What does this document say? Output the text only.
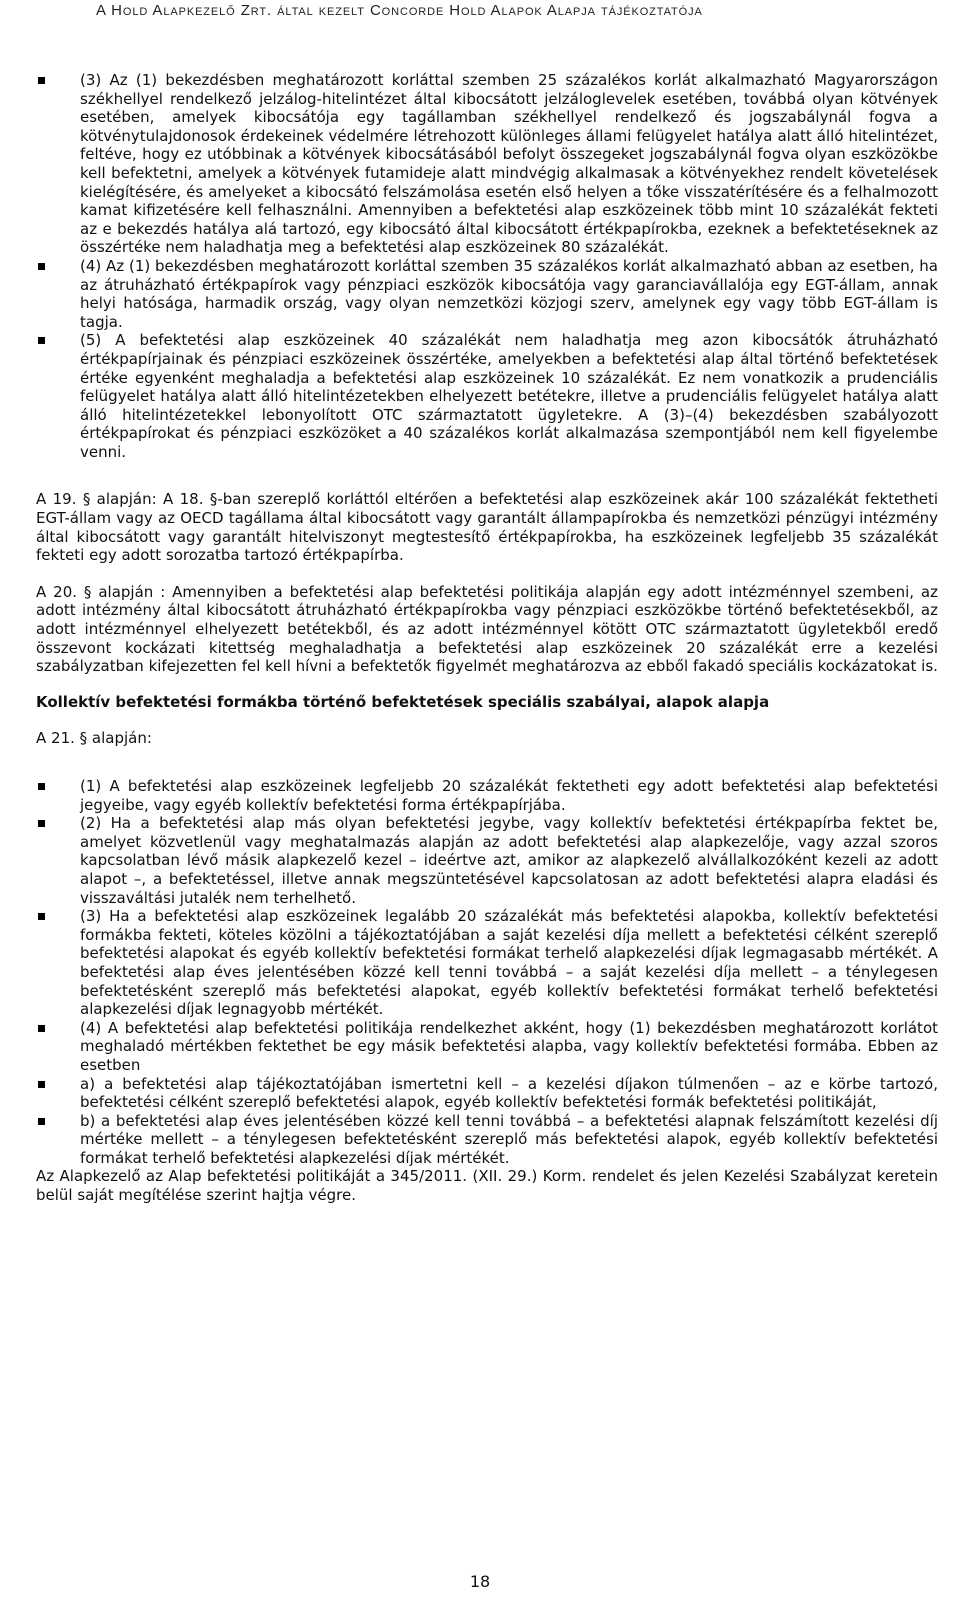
A Hold Alapkezelő Zrt. által kezelt Concorde Hold Alapok Alapja tájékoztatója
(3) Az (1) bekezdésben meghatározott korláttal szemben 25 százalékos korlát alkalmazható Magyarországon székhellyel rendelkező jelzálog-hitelintézet által kibocsátott jelzáloglevelek esetében, továbbá olyan kötvények esetében, amelyek kibocsátója egy tagállamban székhellyel rendelkező és jogszabálynál fogva a kötvénytulajdonosok érdekeinek védelmére létrehozott különleges állami felügyelet hatálya alatt álló hitelintézet, feltéve, hogy ez utóbbinak a kötvények kibocsátásából befolyt összegeket jogszabálynál fogva olyan eszközökbe kell befektetni, amelyek a kötvények futamideje alatt mindvégig alkalmasak a kötvényekhez rendelt követelések kielégítésére, és amelyeket a kibocsátó felszámolása esetén első helyen a tőke visszatérítésére és a felhalmozott kamat kifizetésére kell felhasználni. Amennyiben a befektetési alap eszközeinek több mint 10 százalékát fekteti az e bekezdés hatálya alá tartozó, egy kibocsátó által kibocsátott értékpapírokba, ezeknek a befektetéseknek az összértéke nem haladhatja meg a befektetési alap eszközeinek 80 százalékát.
(4) Az (1) bekezdésben meghatározott korláttal szemben 35 százalékos korlát alkalmazható abban az esetben, ha az átruházható értékpapírok vagy pénzpiaci eszközök kibocsátója vagy garanciavállalója egy EGT-állam, annak helyi hatósága, harmadik ország, vagy olyan nemzetközi közjogi szerv, amelynek egy vagy több EGT-állam is tagja.
(5) A befektetési alap eszközeinek 40 százalékát nem haladhatja meg azon kibocsátók átruházható értékpapírjainak és pénzpiaci eszközeinek összértéke, amelyekben a befektetési alap által történő befektetések értéke egyenként meghaladja a befektetési alap eszközeinek 10 százalékát. Ez nem vonatkozik a prudenciális felügyelet hatálya alatt álló hitelintézetekben elhelyezett betétekre, illetve a prudenciális felügyelet hatálya alatt álló hitelintézetekkel lebonyolított OTC származtatott ügyletekre. A (3)–(4) bekezdésben szabályozott értékpapírokat és pénzpiaci eszközöket a 40 százalékos korlát alkalmazása szempontjából nem kell figyelembe venni.

A 19. § alapján: A 18. §-ban szereplő korláttól eltérően a befektetési alap eszközeinek akár 100 százalékát fektetheti EGT-állam vagy az OECD tagállama által kibocsátott vagy garantált állampapírokba és nemzetközi pénzügyi intézmény által kibocsátott vagy garantált hitelviszonyt megtestesítő értékpapírokba, ha eszközeinek legfeljebb 35 százalékát fekteti egy adott sorozatba tartozó értékpapírba.

A 20. § alapján : Amennyiben a befektetési alap befektetési politikája alapján egy adott intézménnyel szembeni, az adott intézmény által kibocsátott átruházható értékpapírokba vagy pénzpiaci eszközökbe történő befektetésekből, az adott intézménnyel elhelyezett betétekből, és az adott intézménnyel kötött OTC származtatott ügyletekből eredő összevont kockázati kitettség meghaladhatja a befektetési alap eszközeinek 20 százalékát erre a kezelési szabályzatban kifejezetten fel kell hívni a befektetők figyelmét meghatározva az ebből fakadó speciális kockázatokat is.

Kollektív befektetési formákba történő befektetések speciális szabályai, alapok alapja

A 21. § alapján:

(1) A befektetési alap eszközeinek legfeljebb 20 százalékát fektetheti egy adott befektetési alap befektetési jegyeibe, vagy egyéb kollektív befektetési forma értékpapírjába.
(2) Ha a befektetési alap más olyan befektetési jegybe, vagy kollektív befektetési értékpapírba fektet be, amelyet közvetlenül vagy meghatalmazás alapján az adott befektetési alap alapkezelője, vagy azzal szoros kapcsolatban lévő másik alapkezelő kezel – ideértve azt, amikor az alapkezelő alvállalkozóként kezeli az adott alapot –, a befektetéssel, illetve annak megszüntetésével kapcsolatosan az adott befektetési alapra eladási és visszaváltási jutalék nem terhelhető.
(3) Ha a befektetési alap eszközeinek legalább 20 százalékát más befektetési alapokba, kollektív befektetési formákba fekteti, köteles közölni a tájékoztatójában a saját kezelési díja mellett a befektetési célként szereplő befektetési alapokat és egyéb kollektív befektetési formákat terhelő alapkezelési díjak legmagasabb mértékét. A befektetési alap éves jelentésében közzé kell tenni továbbá – a saját kezelési díja mellett – a ténylegesen befektetésként szereplő más befektetési alapokat, egyéb kollektív befektetési formákat terhelő befektetési alapkezelési díjak legnagyobb mértékét.
(4) A befektetési alap befektetési politikája rendelkezhet akként, hogy (1) bekezdésben meghatározott korlátot meghaladó mértékben fektethet be egy másik befektetési alapba, vagy kollektív befektetési formába. Ebben az esetben
a) a befektetési alap tájékoztatójában ismertetni kell – a kezelési díjakon túlmenően – az e körbe tartozó, befektetési célként szereplő befektetési alapok, egyéb kollektív befektetési formák befektetési politikáját,
b) a befektetési alap éves jelentésében közzé kell tenni továbbá – a befektetési alapnak felszámított kezelési díj mértéke mellett – a ténylegesen befektetésként szereplő más befektetési alapok, egyéb kollektív befektetési formákat terhelő befektetési alapkezelési díjak mértékét.

Az Alapkezelő az Alap befektetési politikáját a 345/2011. (XII. 29.) Korm. rendelet és jelen Kezelési Szabályzat keretein belül saját megítélése szerint hajtja végre.

18
